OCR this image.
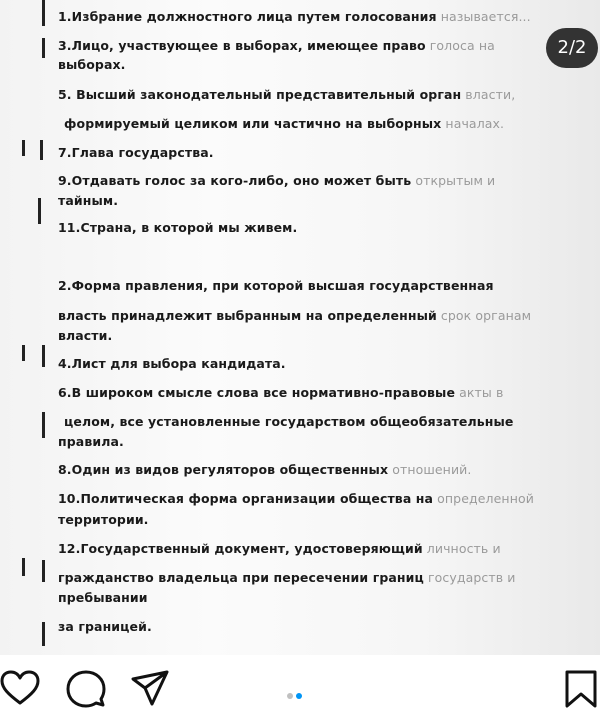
1.Избрание должностного лица путем голосования называется...
3.Лицо, участвующее в выборах, имеющее право голоса на
выборах.
5. Высший законодательный представительный орган власти,
формируемый целиком или частично на выборных началах.
7.Глава государства.
9.Отдавать голос за кого-либо, оно может быть открытым и
тайным.
11.Страна, в которой мы живем.
2.Форма правления, при которой высшая государственная
власть принадлежит выбранным на определенный срок органам
власти.
4.Лист для выбора кандидата.
6.В широком смысле слова все нормативно-правовые акты в
целом, все установленные государством общеобязательные
правила.
8.Один из видов регуляторов общественных отношений.
10.Политическая форма организации общества на определенной
территории.
12.Государственный документ, удостоверяющий личность и
гражданство владельца при пересечении границ государств и
пребывании
за границей.
2/2
